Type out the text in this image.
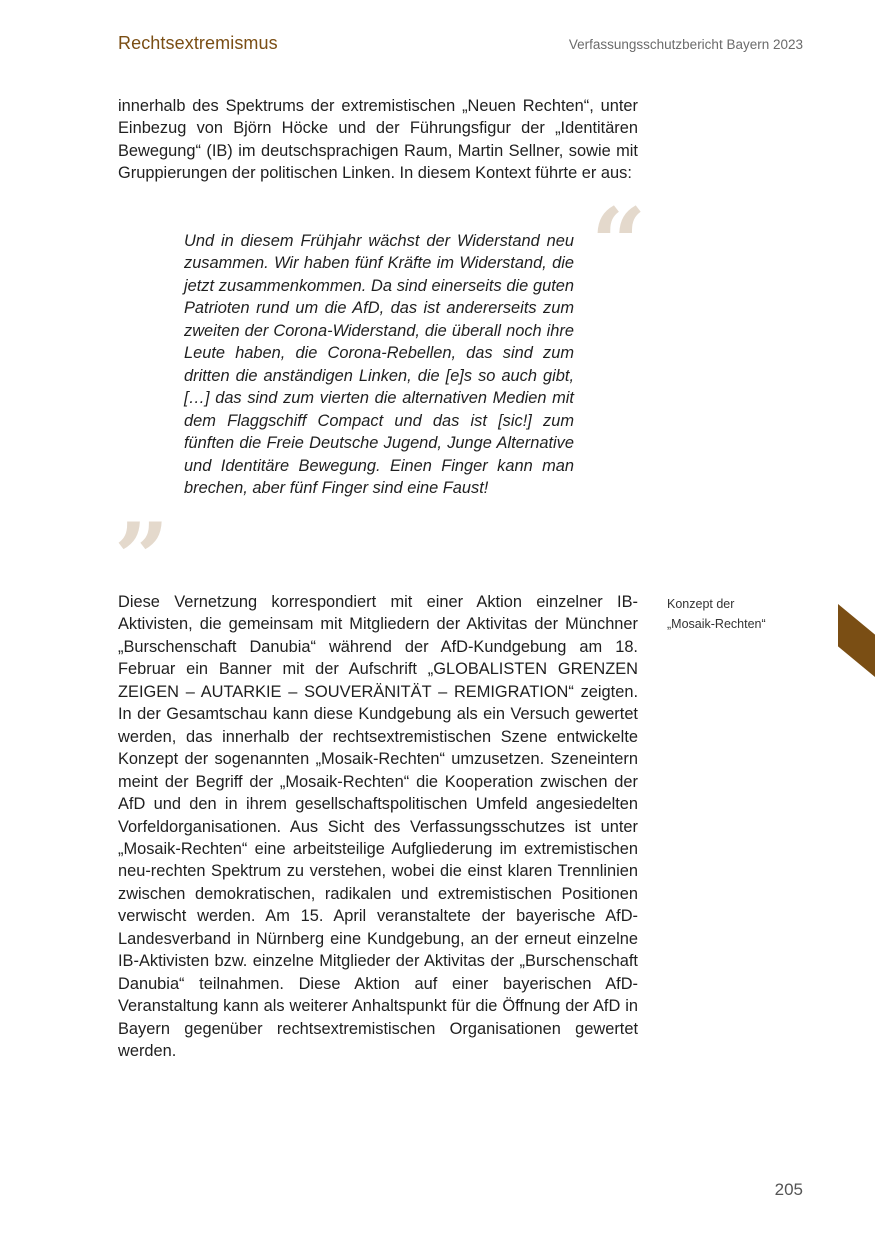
Rechtsextremismus	Verfassungsschutzbericht Bayern 2023

innerhalb des Spektrums der extremistischen „Neuen Rechten“, unter Einbezug von Björn Höcke und der Führungsfigur der „Identitären Bewegung“ (IB) im deutschsprachigen Raum, Martin Sellner, sowie mit Gruppierungen der politischen Linken. In diesem Kontext führte er aus:

“

Und in diesem Frühjahr wächst der Widerstand neu zusammen. Wir haben fünf Kräfte im Widerstand, die jetzt zusammenkommen. Da sind einerseits die guten Patrioten rund um die AfD, das ist andererseits zum zweiten der Corona-Widerstand, die überall noch ihre Leute haben, die Corona-Rebellen, das sind zum dritten die anständigen Linken, die [e]s so auch gibt, […] das sind zum vierten die alternativen Medien mit dem Flaggschiff Compact und das ist [sic!] zum fünften die Freie Deutsche Jugend, Junge Alternative und Identitäre Bewegung. Einen Finger kann man brechen, aber fünf Finger sind eine Faust!

”

Diese Vernetzung korrespondiert mit einer Aktion einzelner IB-Aktivisten, die gemeinsam mit Mitgliedern der Aktivitas der Münchner „Burschenschaft Danubia“ während der AfD-Kundgebung am 18. Februar ein Banner mit der Aufschrift „GLOBALISTEN GRENZEN ZEIGEN – AUTARKIE – SOUVERÄNITÄT – REMIGRATION“ zeigten. In der Gesamtschau kann diese Kundgebung als ein Versuch gewertet werden, das innerhalb der rechtsextremistischen Szene entwickelte Konzept der sogenannten „Mosaik-Rechten“ umzusetzen. Szeneintern meint der Begriff der „Mosaik-Rechten“ die Kooperation zwischen der AfD und den in ihrem gesellschaftspolitischen Umfeld angesiedelten Vorfeldorganisationen. Aus Sicht des Verfassungsschutzes ist unter „Mosaik-Rechten“ eine arbeitsteilige Aufgliederung im extremistischen neu-rechten Spektrum zu verstehen, wobei die einst klaren Trennlinien zwischen demokratischen, radikalen und extremistischen Positionen verwischt werden. Am 15. April veranstaltete der bayerische AfD-Landesverband in Nürnberg eine Kundgebung, an der erneut einzelne IB-Aktivisten bzw. einzelne Mitglieder der Aktivitas der „Burschenschaft Danubia“ teilnahmen. Diese Aktion auf einer bayerischen AfD-Veranstaltung kann als weiterer Anhaltspunkt für die Öffnung der AfD in Bayern gegenüber rechtsextremistischen Organisationen gewertet werden.

Konzept der
„Mosaik-Rechten“
205
